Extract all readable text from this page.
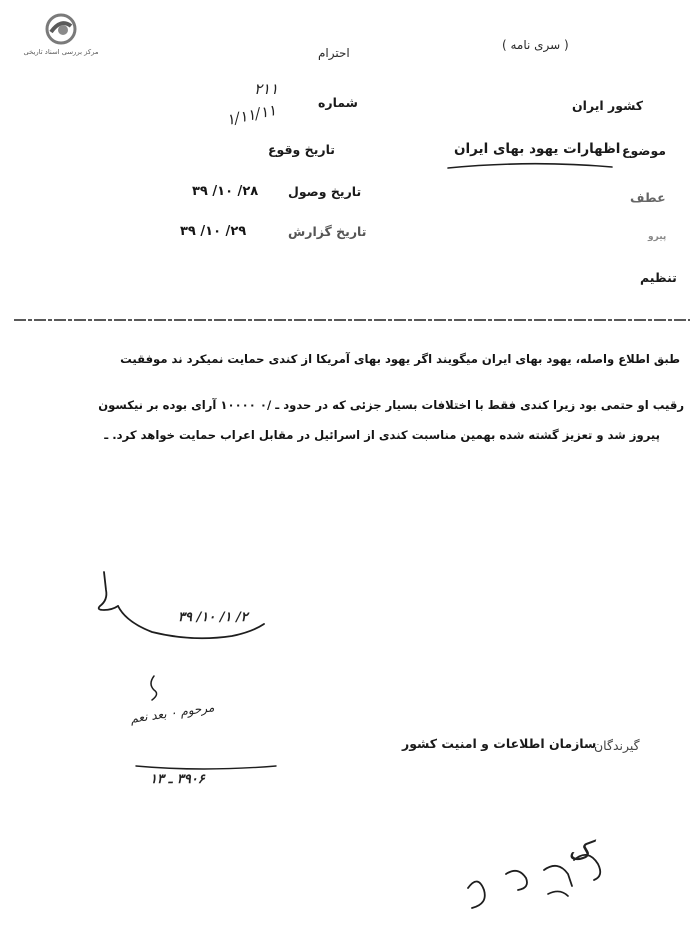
مرکز بررسی اسناد تاریخی	( سری نامه )
احترام
شماره
۲۱۱
۱/۱۱/۱۱
تاریخ وقوع
تاریخ وصول
۲۸/ ۱۰/ ۳۹
تاریخ گزارش
۲۹/ ۱۰/ ۳۹
کشور ایران
موضوع
اظهارات یهود بهای ایران
عطف
پیرو
تنظیم
طبق اطلاع واصله، یهود بهای ایران میگویند اگر یهود بهای آمریکا از کندی حمایت نمیکرد ند موفقیت
رقیب او حتمی بود زیرا کندی فقط با اختلافات بسیار جزئی که در حدود ـ /۰ ۱۰۰۰۰ آرای بوده بر نیکسون
پیروز شد و تعزیز گشته شده بهمین مناسبت کندی از اسرائیل در مقابل اعراب حمایت خواهد کرد. ـ
۲/ ۱/ ۱۰/ ۳۹
مرحوم ۰ بعد نعم
۳۹۰۶ ـ ۱۳
گیرندگان
سازمان اطلاعات و امنیت کشور
ک
